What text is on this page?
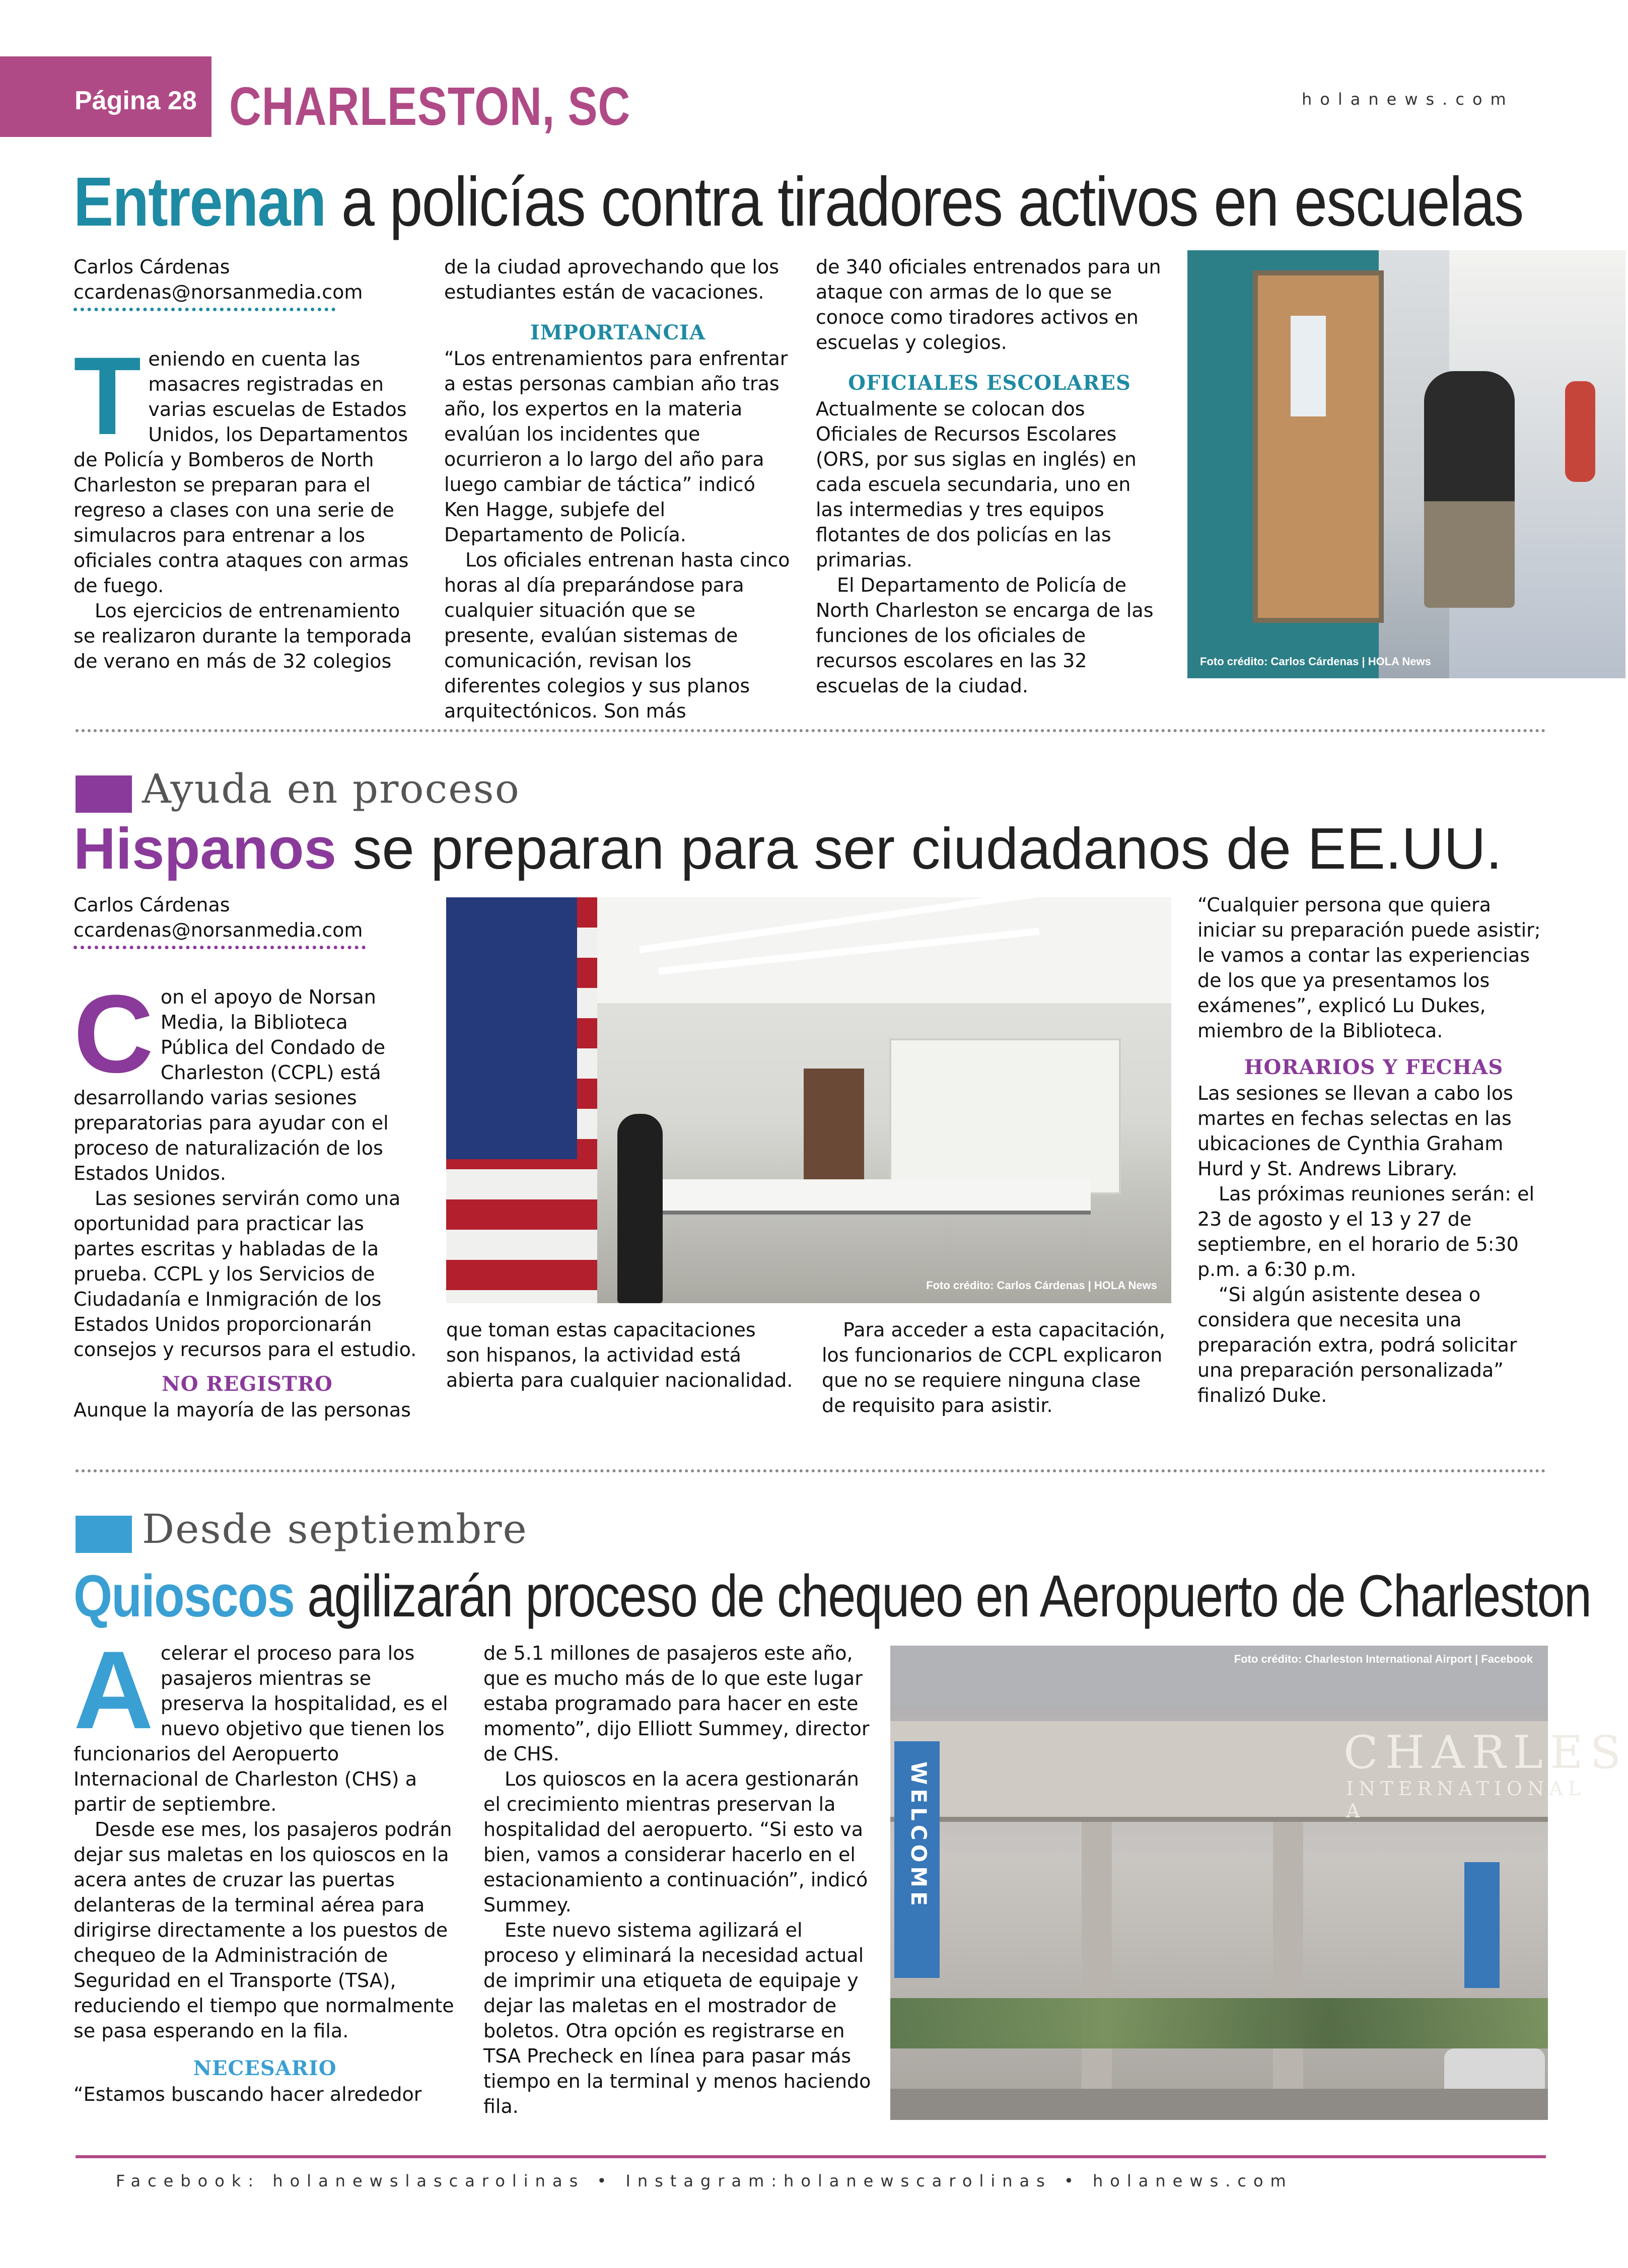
Página 28 CHARLESTON, SC	holanews.com
Entrenan a policías contra tiradores activos en escuelas
Carlos Cárdenas
ccardenas@norsanmedia.com

Teniendo en cuenta las masacres registradas en varias escuelas de Estados Unidos, los Departamentos de Policía y Bomberos de North Charleston se preparan para el regreso a clases con una serie de simulacros para entrenar a los oficiales contra ataques con armas de fuego.

Los ejercicios de entrenamiento se realizaron durante la temporada de verano en más de 32 colegios

de la ciudad aprovechando que los estudiantes están de vacaciones.

IMPORTANCIA

“Los entrenamientos para enfrentar a estas personas cambian año tras año, los expertos en la materia evalúan los incidentes que ocurrieron a lo largo del año para luego cambiar de táctica” indicó Ken Hagge, subjefe del Departamento de Policía.

Los oficiales entrenan hasta cinco horas al día preparándose para cualquier situación que se presente, evalúan sistemas de comunicación, revisan los diferentes colegios y sus planos arquitectónicos. Son más

de 340 oficiales entrenados para un ataque con armas de lo que se conoce como tiradores activos en escuelas y colegios.

OFICIALES ESCOLARES

Actualmente se colocan dos Oficiales de Recursos Escolares (ORS, por sus siglas en inglés) en cada escuela secundaria, uno en las intermedias y tres equipos flotantes de dos policías en las primarias.

El Departamento de Policía de North Charleston se encarga de las funciones de los oficiales de recursos escolares en las 32 escuelas de la ciudad.

Foto crédito: Carlos Cárdenas | HOLA News
Ayuda en proceso
Hispanos se preparan para ser ciudadanos de EE.UU.
Carlos Cárdenas
ccardenas@norsanmedia.com

Con el apoyo de Norsan Media, la Biblioteca Pública del Condado de Charleston (CCPL) está desarrollando varias sesiones preparatorias para ayudar con el proceso de naturalización de los Estados Unidos.

Las sesiones servirán como una oportunidad para practicar las partes escritas y habladas de la prueba. CCPL y los Servicios de Ciudadanía e Inmigración de los Estados Unidos proporcionarán consejos y recursos para el estudio.

NO REGISTRO

Aunque la mayoría de las personas

Foto crédito: Carlos Cárdenas | HOLA News

que toman estas capacitaciones son hispanos, la actividad está abierta para cualquier nacionalidad.

Para acceder a esta capacitación, los funcionarios de CCPL explicaron que no se requiere ninguna clase de requisito para asistir.

“Cualquier persona que quiera iniciar su preparación puede asistir; le vamos a contar las experiencias de los que ya presentamos los exámenes”, explicó Lu Dukes, miembro de la Biblioteca.

HORARIOS Y FECHAS

Las sesiones se llevan a cabo los martes en fechas selectas en las ubicaciones de Cynthia Graham Hurd y St. Andrews Library.

Las próximas reuniones serán: el 23 de agosto y el 13 y 27 de septiembre, en el horario de 5:30 p.m. a 6:30 p.m.

“Si algún asistente desea o considera que necesita una preparación extra, podrá solicitar una preparación personalizada” finalizó Duke.

Desde septiembre
Quioscos agilizarán proceso de chequeo en Aeropuerto de Charleston

Acelerar el proceso para los pasajeros mientras se preserva la hospitalidad, es el nuevo objetivo que tienen los funcionarios del Aeropuerto Internacional de Charleston (CHS) a partir de septiembre.

Desde ese mes, los pasajeros podrán dejar sus maletas en los quioscos en la acera antes de cruzar las puertas delanteras de la terminal aérea para dirigirse directamente a los puestos de chequeo de la Administración de Seguridad en el Transporte (TSA), reduciendo el tiempo que normalmente se pasa esperando en la fila.

NECESARIO

“Estamos buscando hacer alrededor

de 5.1 millones de pasajeros este año, que es mucho más de lo que este lugar estaba programado para hacer en este momento”, dijo Elliott Summey, director de CHS.

Los quioscos en la acera gestionarán el crecimiento mientras preservan la hospitalidad del aeropuerto. “Si esto va bien, vamos a considerar hacerlo en el estacionamiento a continuación”, indicó Summey.

Este nuevo sistema agilizará el proceso y eliminará la necesidad actual de imprimir una etiqueta de equipaje y dejar las maletas en el mostrador de boletos. Otra opción es registrarse en TSA Precheck en línea para pasar más tiempo en la terminal y menos haciendo fila.

CHARLES
INTERNATIONAL A
WELCOME
Foto crédito: Charleston International Airport | Facebook
Facebook: holanewslascarolinas • Instagram:holanewscarolinas • holanews.com
